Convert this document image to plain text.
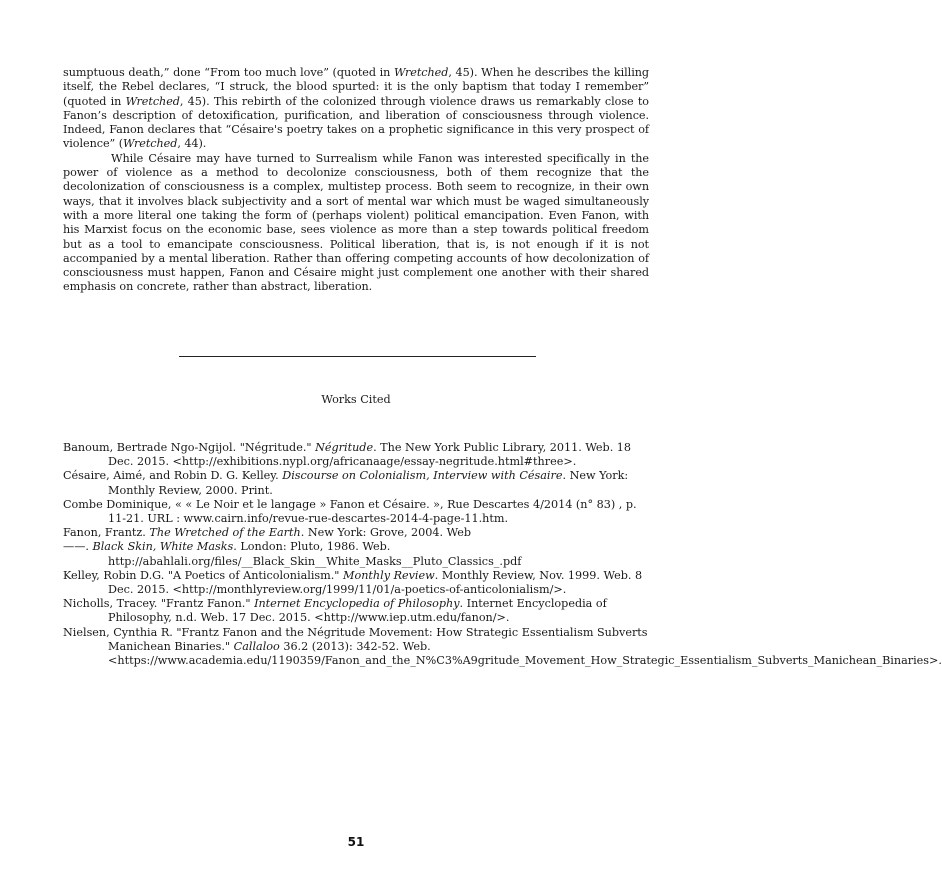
sumptuous death,” done “From too much love” (quoted in Wretched, 45). When he describes the killing itself, the Rebel declares, “I struck, the blood spurted: it is the only baptism that today I remember” (quoted in Wretched, 45). This rebirth of the colonized through violence draws us remarkably close to Fanon’s description of detoxification, purification, and liberation of consciousness through violence. Indeed, Fanon declares that “Césaire's poetry takes on a prophetic significance in this very prospect of violence” (Wretched, 44).

While Césaire may have turned to Surrealism while Fanon was interested specifically in the power of violence as a method to decolonize consciousness, both of them recognize that the decolonization of consciousness is a complex, multistep process. Both seem to recognize, in their own ways, that it involves black subjectivity and a sort of mental war which must be waged simultaneously with a more literal one taking the form of (perhaps violent) political emancipation. Even Fanon, with his Marxist focus on the economic base, sees violence as more than a step towards political freedom but as a tool to emancipate consciousness. Political liberation, that is, is not enough if it is not accompanied by a mental liberation. Rather than offering competing accounts of how decolonization of consciousness must happen, Fanon and Césaire might just complement one another with their shared emphasis on concrete, rather than abstract, liberation.

Works Cited

Banoum, Bertrade Ngo-Ngijol. "Négritude." Négritude. The New York Public Library, 2011. Web. 18 Dec. 2015. <http://exhibitions.nypl.org/africanaage/essay-negritude.html#three>.

Césaire, Aimé, and Robin D. G. Kelley. Discourse on Colonialism, Interview with Césaire. New York: Monthly Review, 2000. Print.

Combe Dominique, « « Le Noir et le langage » Fanon et Césaire. », Rue Descartes 4/2014 (n° 83) , p. 11-21. URL : www.cairn.info/revue-rue-descartes-2014-4-page-11.htm.

Fanon, Frantz. The Wretched of the Earth. New York: Grove, 2004. Web

——. Black Skin, White Masks. London: Pluto, 1986. Web. http://abahlali.org/files/__Black_Skin__White_Masks__Pluto_Classics_.pdf

Kelley, Robin D.G. "A Poetics of Anticolonialism." Monthly Review. Monthly Review, Nov. 1999. Web. 8 Dec. 2015. <http://monthlyreview.org/1999/11/01/a-poetics-of-anticolonialism/>.

Nicholls, Tracey. "Frantz Fanon." Internet Encyclopedia of Philosophy. Internet Encyclopedia of Philosophy, n.d. Web. 17 Dec. 2015. <http://www.iep.utm.edu/fanon/>.

Nielsen, Cynthia R. "Frantz Fanon and the Négritude Movement: How Strategic Essentialism Subverts Manichean Binaries." Callaloo 36.2 (2013): 342-52. Web. <https://www.academia.edu/1190359/Fanon_and_the_N%C3%A9gritude_Movement_How_Strategic_Essentialism_Subverts_Manichean_Binaries>.

51
